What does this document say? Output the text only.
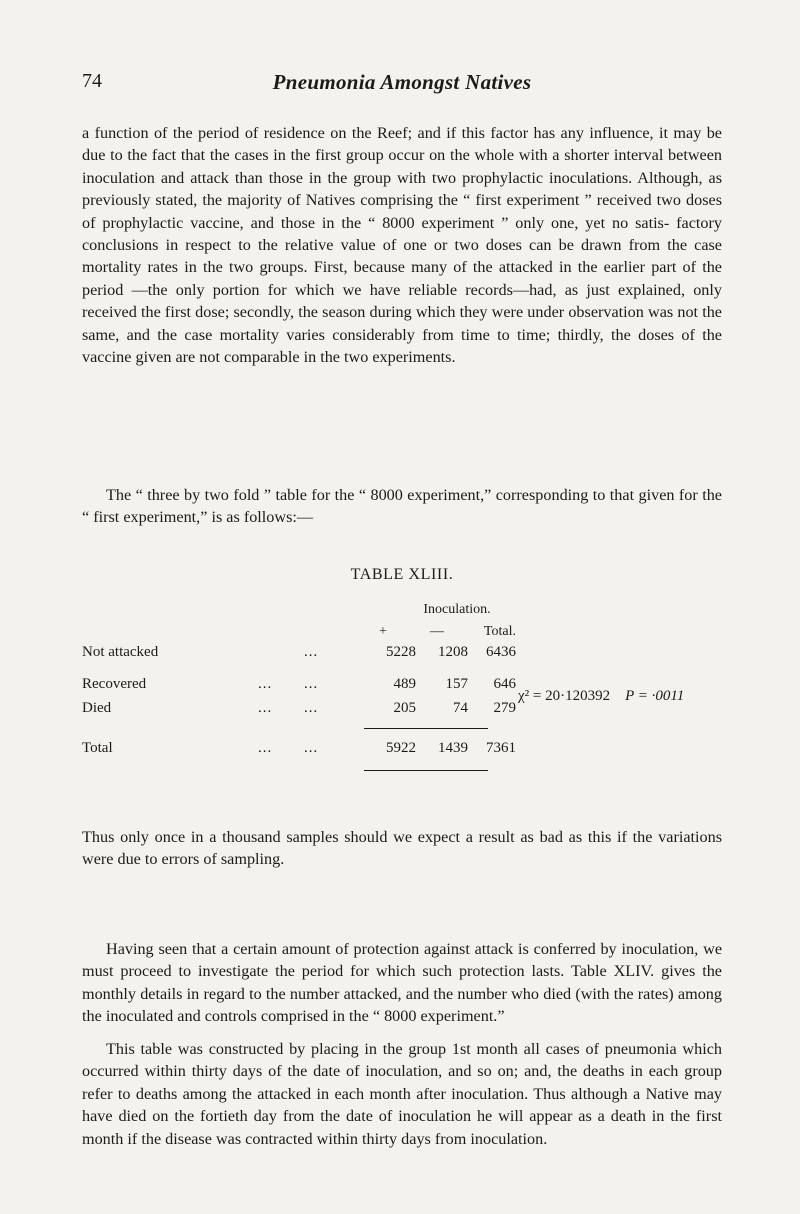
74	Pneumonia Amongst Natives

a function of the period of residence on the Reef; and if this factor has any influence, it may be due to the fact that the cases in the first group occur on the whole with a shorter interval between inoculation and attack than those in the group with two prophylactic inoculations. Although, as previously stated, the majority of Natives comprising the “ first experiment ” received two doses of prophylactic vaccine, and those in the “ 8000 experiment ” only one, yet no satis- factory conclusions in respect to the relative value of one or two doses can be drawn from the case mortality rates in the two groups. First, because many of the attacked in the earlier part of the period —the only portion for which we have reliable records—had, as just explained, only received the first dose; secondly, the season during which they were under observation was not the same, and the case mortality varies considerably from time to time; thirdly, the doses of the vaccine given are not comparable in the two experiments.

The “ three by two fold ” table for the “ 8000 experiment,” corresponding to that given for the “ first experiment,” is as follows:—

TABLE XLIII.
Inoculation.
+	—	Total.
Not attacked	...	5228	1208	6436
Recovered	... ...	489	157	646
Died	... ...	205	74	279
χ² = 20·120392 P = ·0011
Total	... ...	5922	1439	7361

Thus only once in a thousand samples should we expect a result as bad as this if the variations were due to errors of sampling.

Having seen that a certain amount of protection against attack is conferred by inoculation, we must proceed to investigate the period for which such protection lasts. Table XLIV. gives the monthly details in regard to the number attacked, and the number who died (with the rates) among the inoculated and controls comprised in the “ 8000 experiment.”

This table was constructed by placing in the group 1st month all cases of pneumonia which occurred within thirty days of the date of inoculation, and so on; and, the deaths in each group refer to deaths among the attacked in each month after inoculation. Thus although a Native may have died on the fortieth day from the date of inoculation he will appear as a death in the first month if the disease was contracted within thirty days from inoculation.
